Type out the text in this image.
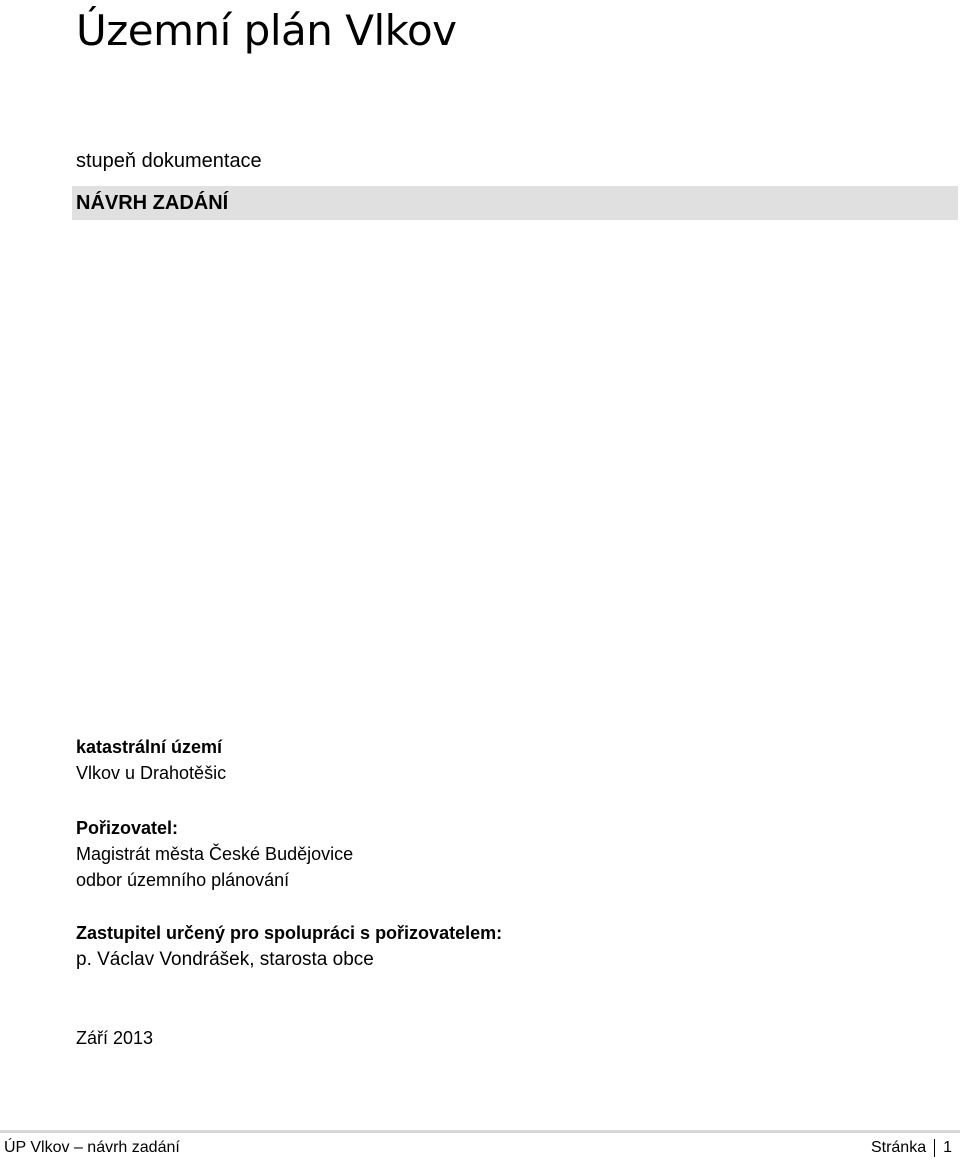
Územní plán Vlkov
stupeň dokumentace
NÁVRH ZADÁNÍ
katastrální území
Vlkov u Drahotěšic
Pořizovatel:
Magistrát města České Budějovice
odbor územního plánování
Zastupitel určený pro spolupráci s pořizovatelem:
p. Václav Vondrášek, starosta obce
Září 2013
ÚP Vlkov – návrh zadání	Stránka 1
